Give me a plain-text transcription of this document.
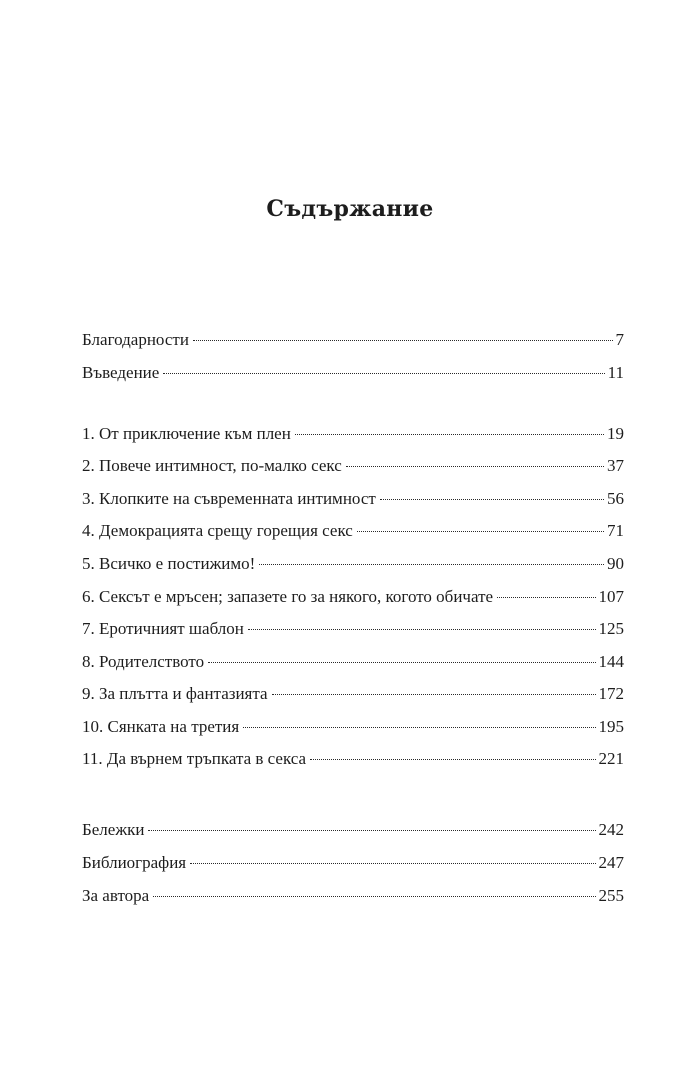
Съдържание
Благодарности	7
Въведение	11
1. От приключение към плен	19
2. Повече интимност, по-малко секс	37
3. Клопките на съвременната интимност	56
4. Демокрацията срещу горещия секс	71
5. Всичко е постижимо!	90
6. Сексът е мръсен; запазете го за някого, когото обичате	107
7. Еротичният шаблон	125
8. Родителството	144
9. За плътта и фантазията	172
10. Сянката на третия	195
11. Да върнем тръпката в секса	221
Бележки	242
Библиография	247
За автора	255
